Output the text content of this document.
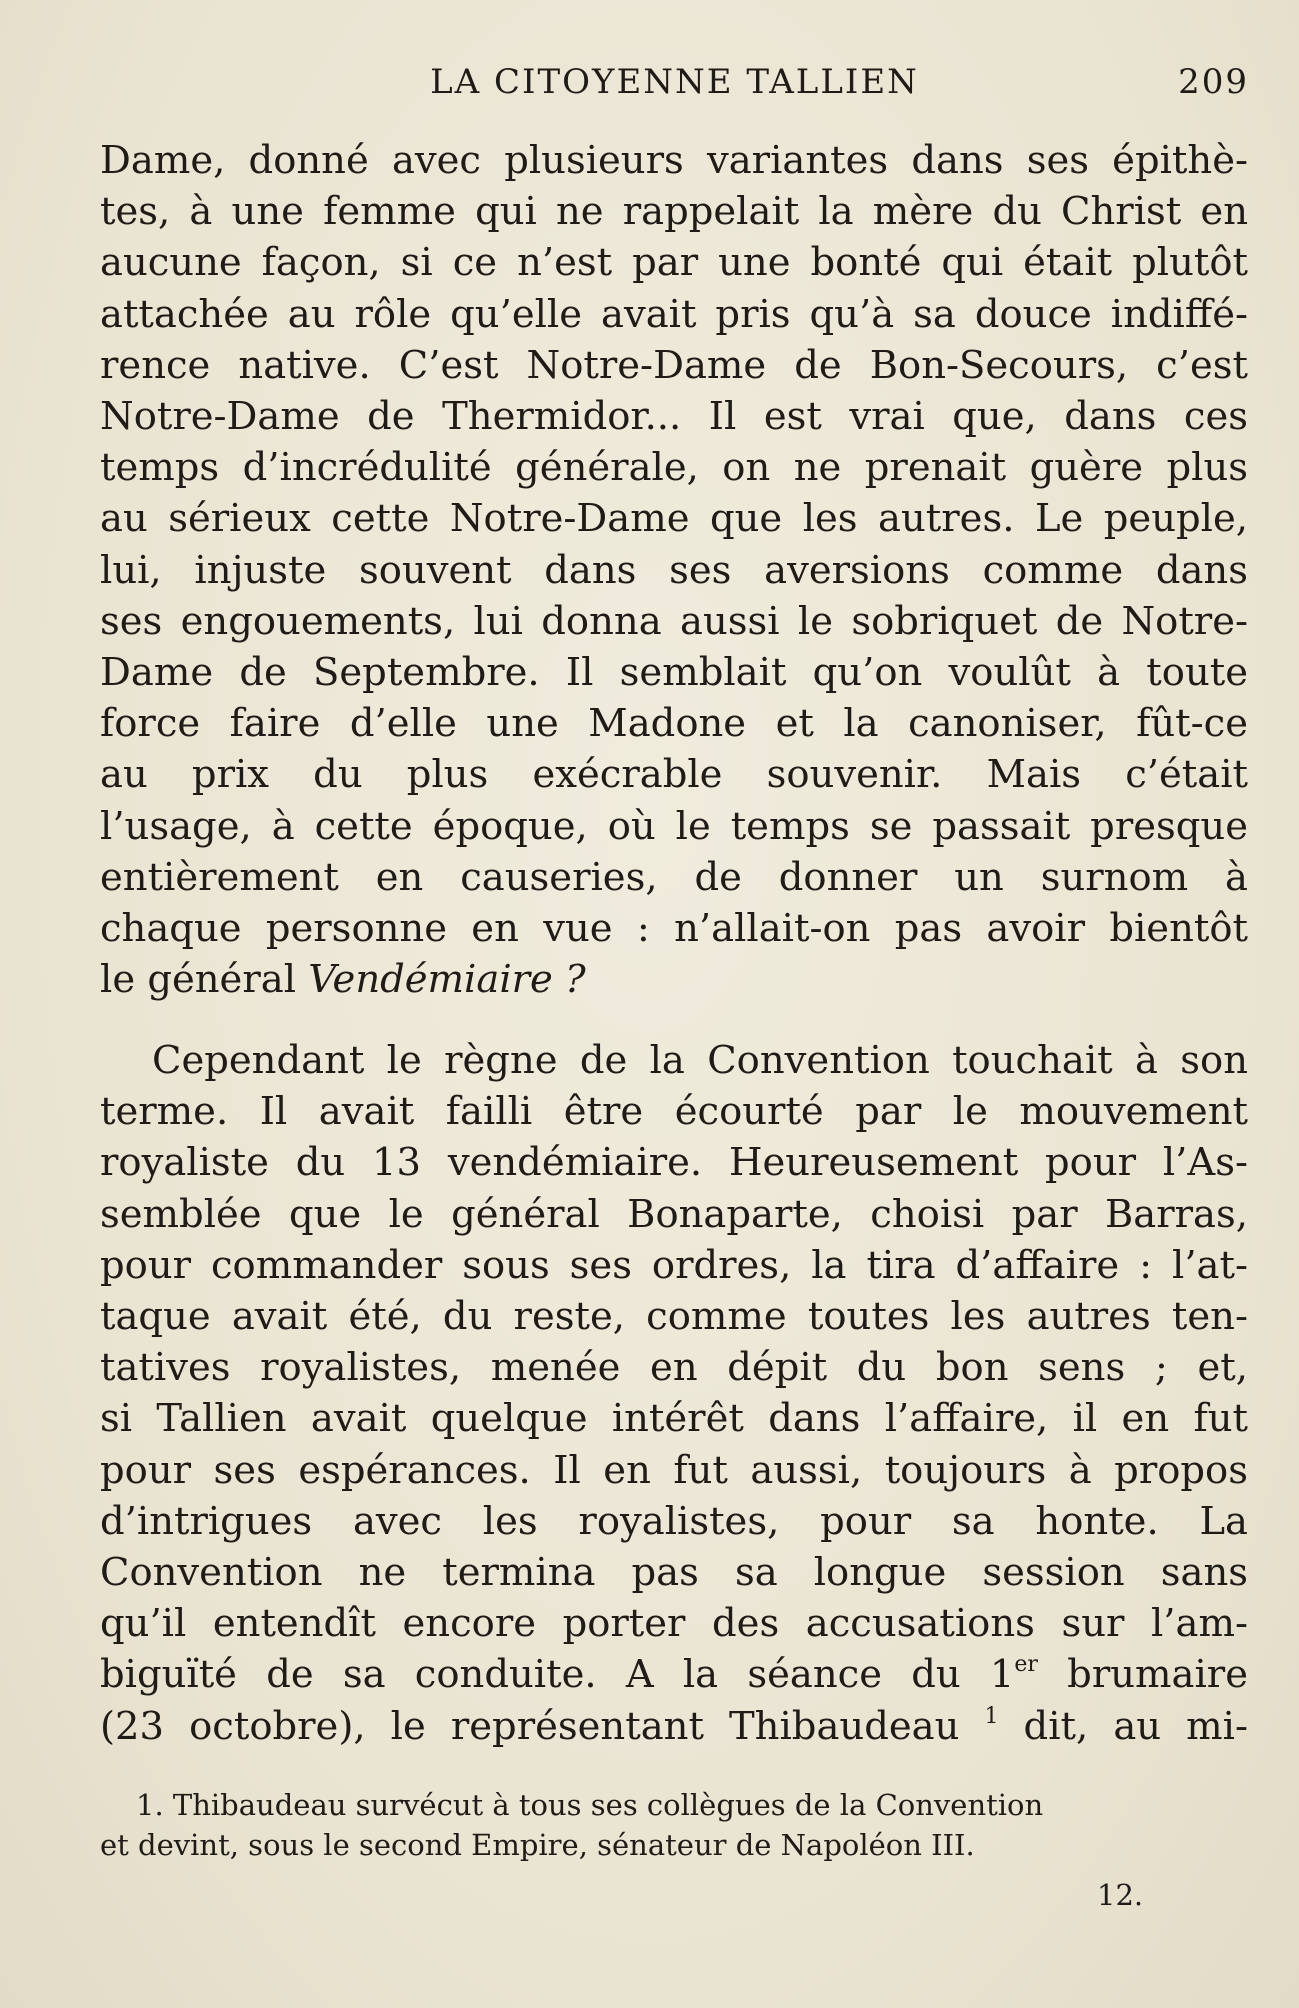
LA CITOYENNE TALLIEN	209
Dame, donné avec plusieurs variantes dans ses épithè-
tes, à une femme qui ne rappelait la mère du Christ en
aucune façon, si ce n’est par une bonté qui était plutôt
attachée au rôle qu’elle avait pris qu’à sa douce indiffé-
rence native. C’est Notre-Dame de Bon-Secours, c’est
Notre-Dame de Thermidor... Il est vrai que, dans ces
temps d’incrédulité générale, on ne prenait guère plus
au sérieux cette Notre-Dame que les autres. Le peuple,
lui, injuste souvent dans ses aversions comme dans
ses engouements, lui donna aussi le sobriquet de Notre-
Dame de Septembre. Il semblait qu’on voulût à toute
force faire d’elle une Madone et la canoniser, fût-ce
au prix du plus exécrable souvenir. Mais c’était
l’usage, à cette époque, où le temps se passait presque
entièrement en causeries, de donner un surnom à
chaque personne en vue : n’allait-on pas avoir bientôt
le général Vendémiaire ?
Cependant le règne de la Convention touchait à son
terme. Il avait failli être écourté par le mouvement
royaliste du 13 vendémiaire. Heureusement pour l’As-
semblée que le général Bonaparte, choisi par Barras,
pour commander sous ses ordres, la tira d’affaire : l’at-
taque avait été, du reste, comme toutes les autres ten-
tatives royalistes, menée en dépit du bon sens ; et,
si Tallien avait quelque intérêt dans l’affaire, il en fut
pour ses espérances. Il en fut aussi, toujours à propos
d’intrigues avec les royalistes, pour sa honte. La
Convention ne termina pas sa longue session sans
qu’il entendît encore porter des accusations sur l’am-
biguïté de sa conduite. A la séance du 1er brumaire
(23 octobre), le représentant Thibaudeau $^1$ dit, au mi-
1. Thibaudeau survécut à tous ses collègues de la Convention
et devint, sous le second Empire, sénateur de Napoléon III.
12.
